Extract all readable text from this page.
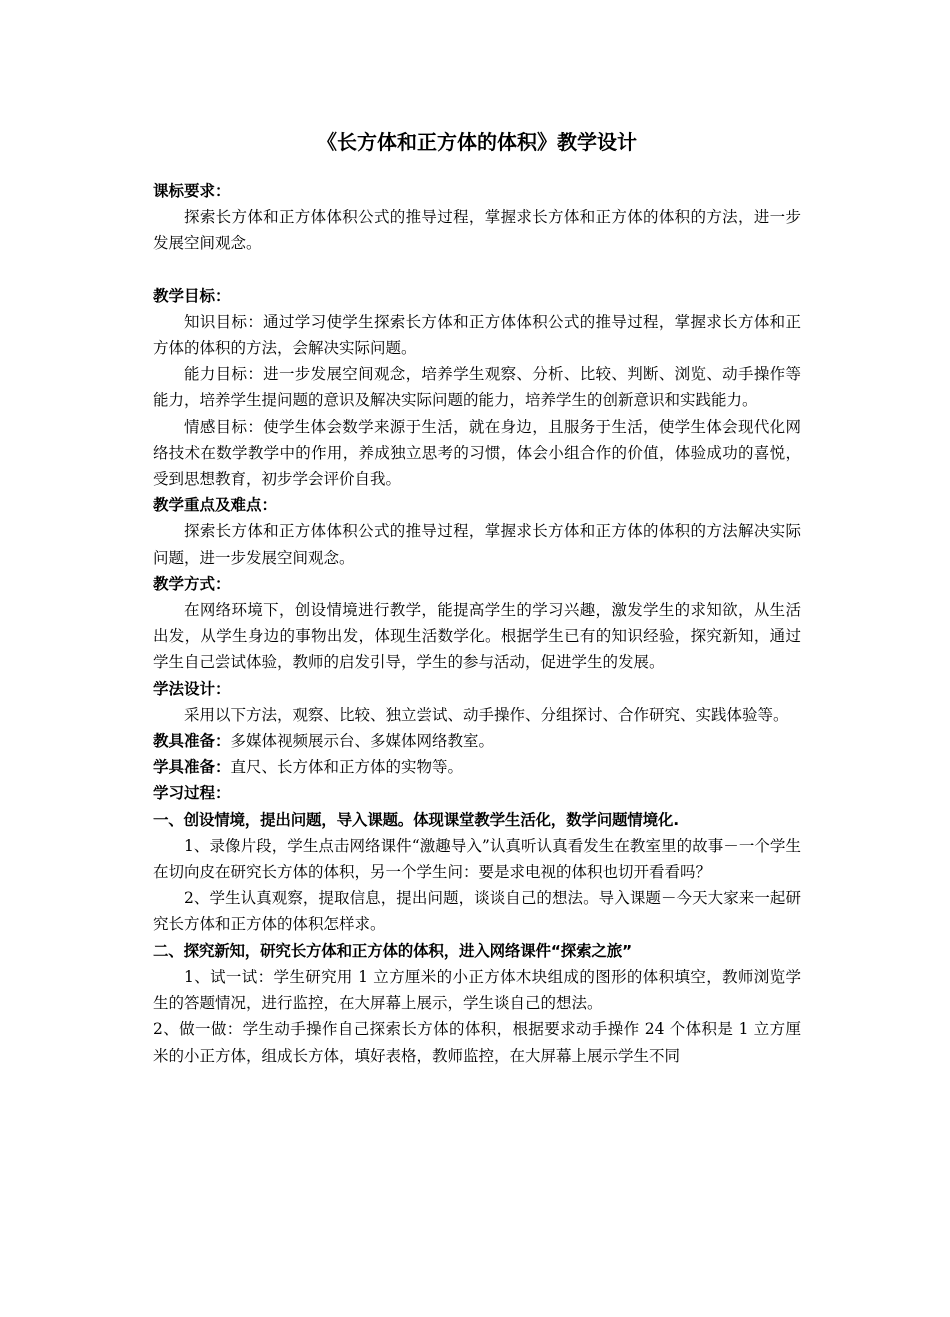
《长方体和正方体的体积》教学设计
课标要求：

探索长方体和正方体体积公式的推导过程，掌握求长方体和正方体的体积的方法，进一步发展空间观念。

教学目标：

知识目标：通过学习使学生探索长方体和正方体体积公式的推导过程，掌握求长方体和正方体的体积的方法，会解决实际问题。

能力目标：进一步发展空间观念，培养学生观察、分析、比较、判断、浏览、动手操作等能力，培养学生提问题的意识及解决实际问题的能力，培养学生的创新意识和实践能力。

情感目标：使学生体会数学来源于生活，就在身边，且服务于生活，使学生体会现代化网络技术在数学教学中的作用，养成独立思考的习惯，体会小组合作的价值，体验成功的喜悦，受到思想教育，初步学会评价自我。

教学重点及难点：

探索长方体和正方体体积公式的推导过程，掌握求长方体和正方体的体积的方法解决实际问题，进一步发展空间观念。

教学方式：

在网络环境下，创设情境进行教学，能提高学生的学习兴趣，激发学生的求知欲，从生活出发，从学生身边的事物出发，体现生活数学化。根据学生已有的知识经验，探究新知，通过学生自己尝试体验，教师的启发引导，学生的参与活动，促进学生的发展。

学法设计：

采用以下方法，观察、比较、独立尝试、动手操作、分组探讨、合作研究、实践体验等。

教具准备：多媒体视频展示台、多媒体网络教室。

学具准备：直尺、长方体和正方体的实物等。

学习过程：
一、创设情境，提出问题，导入课题。体现课堂教学生活化，数学问题情境化.

1、录像片段，学生点击网络课件“激趣导入”认真听认真看发生在教室里的故事－一个学生在切向皮在研究长方体的体积，另一个学生问：要是求电视的体积也切开看看吗？

2、学生认真观察，提取信息，提出问题，谈谈自己的想法。导入课题－今天大家来一起研究长方体和正方体的体积怎样求。

二、探究新知，研究长方体和正方体的体积，进入网络课件“探索之旅”

1、试一试：学生研究用 1 立方厘米的小正方体木块组成的图形的体积填空，教师浏览学生的答题情况，进行监控，在大屏幕上展示，学生谈自己的想法。

2、做一做：学生动手操作自己探索长方体的体积，根据要求动手操作 24 个体积是 1 立方厘米的小正方体，组成长方体，填好表格，教师监控，在大屏幕上展示学生不同
